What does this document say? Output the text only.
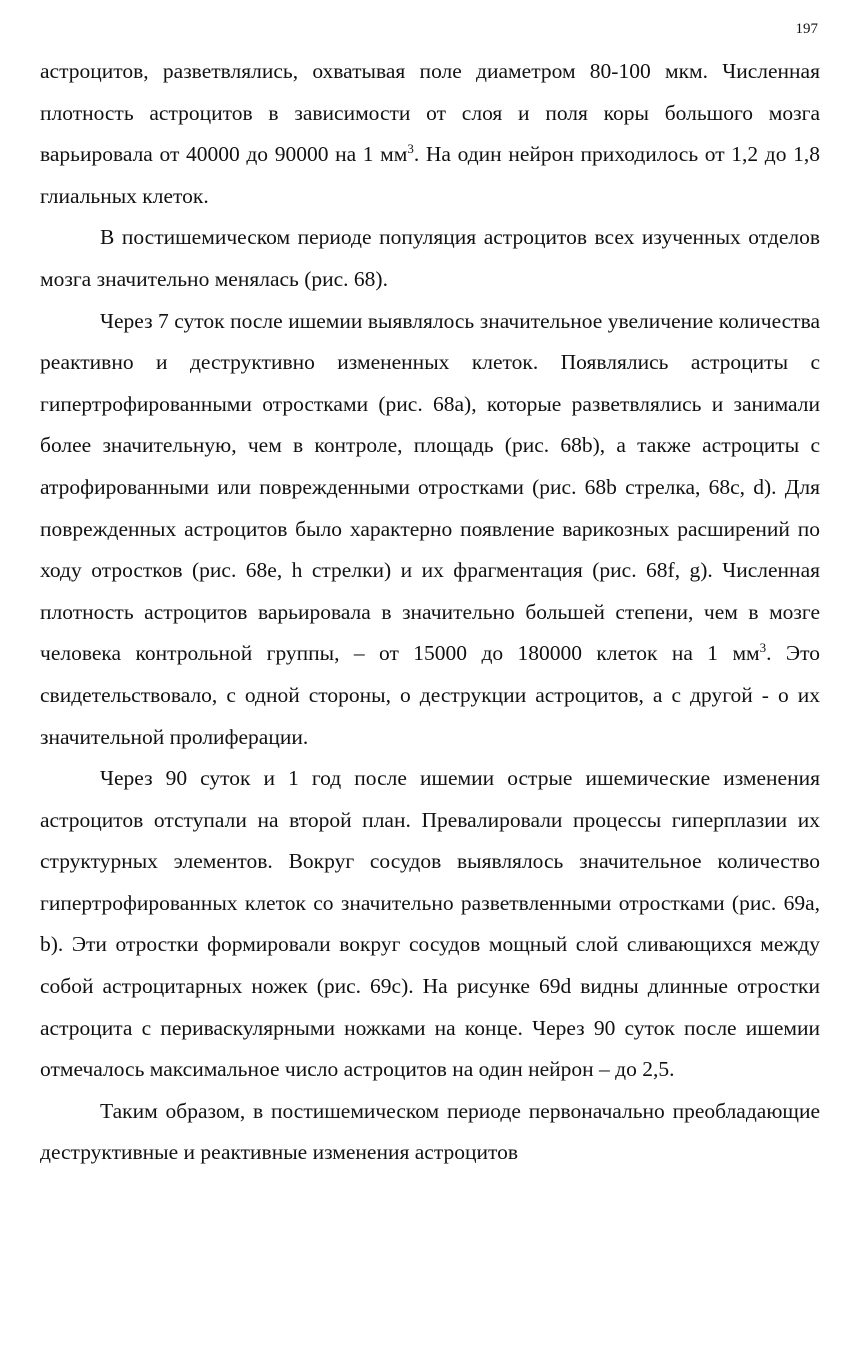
197

астроцитов, разветвлялись, охватывая поле диаметром 80-100 мкм. Численная плотность астроцитов в зависимости от слоя и поля коры большого мозга варьировала от 40000 до 90000 на 1 $мм^3$. На один нейрон приходилось от 1,2 до 1,8 глиальных клеток.

В постишемическом периоде популяция астроцитов всех изученных отделов мозга значительно менялась (рис. 68).

Через 7 суток после ишемии выявлялось значительное увеличение количества реактивно и деструктивно измененных клеток. Появлялись астроциты с гипертрофированными отростками (рис. 68а), которые разветвлялись и занимали более значительную, чем в контроле, площадь (рис. 68b), а также астроциты с атрофированными или поврежденными отростками (рис. 68b стрелка, 68с, d). Для поврежденных астроцитов было характерно появление варикозных расширений по ходу отростков (рис. 68е, h стрелки) и их фрагментация (рис. 68f, g). Численная плотность астроцитов варьировала в значительно большей степени, чем в мозге человека контрольной группы, – от 15000 до 180000 клеток на 1 $мм^3$. Это свидетельствовало, с одной стороны, о деструкции астроцитов, а с другой - о их значительной пролиферации.

Через 90 суток и 1 год после ишемии острые ишемические изменения астроцитов отступали на второй план. Превалировали процессы гиперплазии их структурных элементов. Вокруг сосудов выявлялось значительное количество гипертрофированных клеток со значительно разветвленными отростками (рис. 69а, b). Эти отростки формировали вокруг сосудов мощный слой сливающихся между собой астроцитарных ножек (рис. 69с). На рисунке 69d видны длинные отростки астроцита с периваскулярными ножками на конце. Через 90 суток после ишемии отмечалось максимальное число астроцитов на один нейрон – до 2,5.

Таким образом, в постишемическом периоде первоначально преобладающие деструктивные и реактивные изменения астроцитов
